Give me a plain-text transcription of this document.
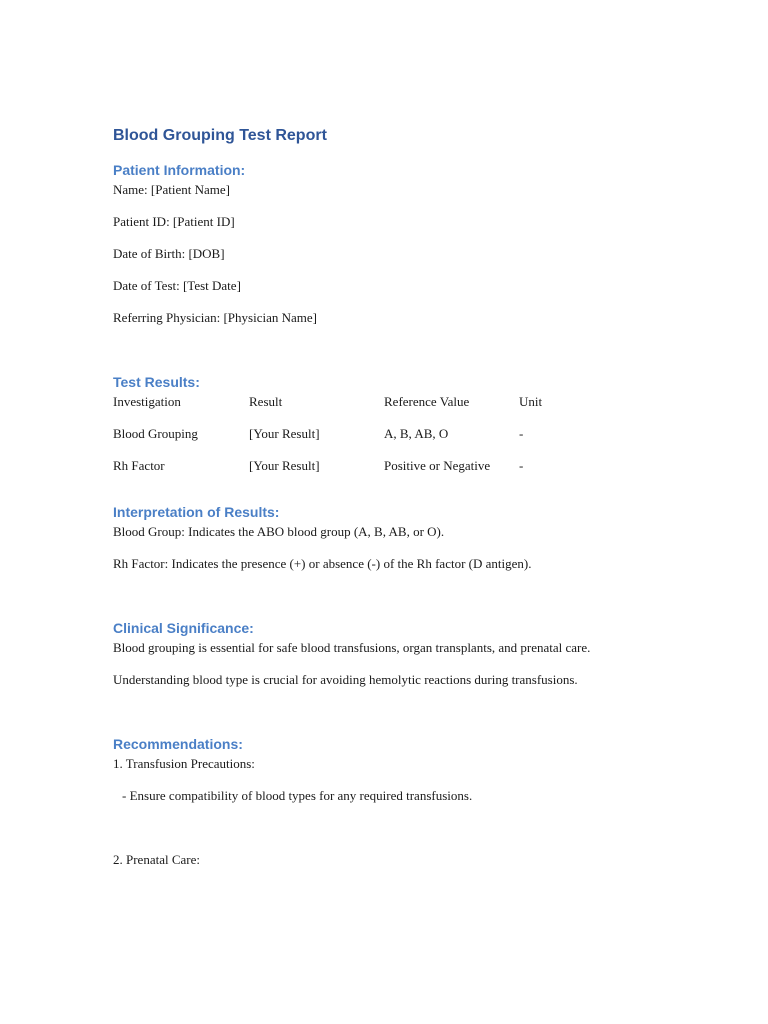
Blood Grouping Test Report
Patient Information:

Name: [Patient Name]

Patient ID: [Patient ID]

Date of Birth: [DOB]

Date of Test: [Test Date]

Referring Physician: [Physician Name]

Test Results:
Investigation	Result	Reference Value	Unit
Blood Grouping	[Your Result]	A, B, AB, O	-
Rh Factor	[Your Result]	Positive or Negative	-
Interpretation of Results:

Blood Group: Indicates the ABO blood group (A, B, AB, or O).

Rh Factor: Indicates the presence (+) or absence (-) of the Rh factor (D antigen).

Clinical Significance:

Blood grouping is essential for safe blood transfusions, organ transplants, and prenatal care.

Understanding blood type is crucial for avoiding hemolytic reactions during transfusions.

Recommendations:

1. Transfusion Precautions:

- Ensure compatibility of blood types for any required transfusions.

2. Prenatal Care:
